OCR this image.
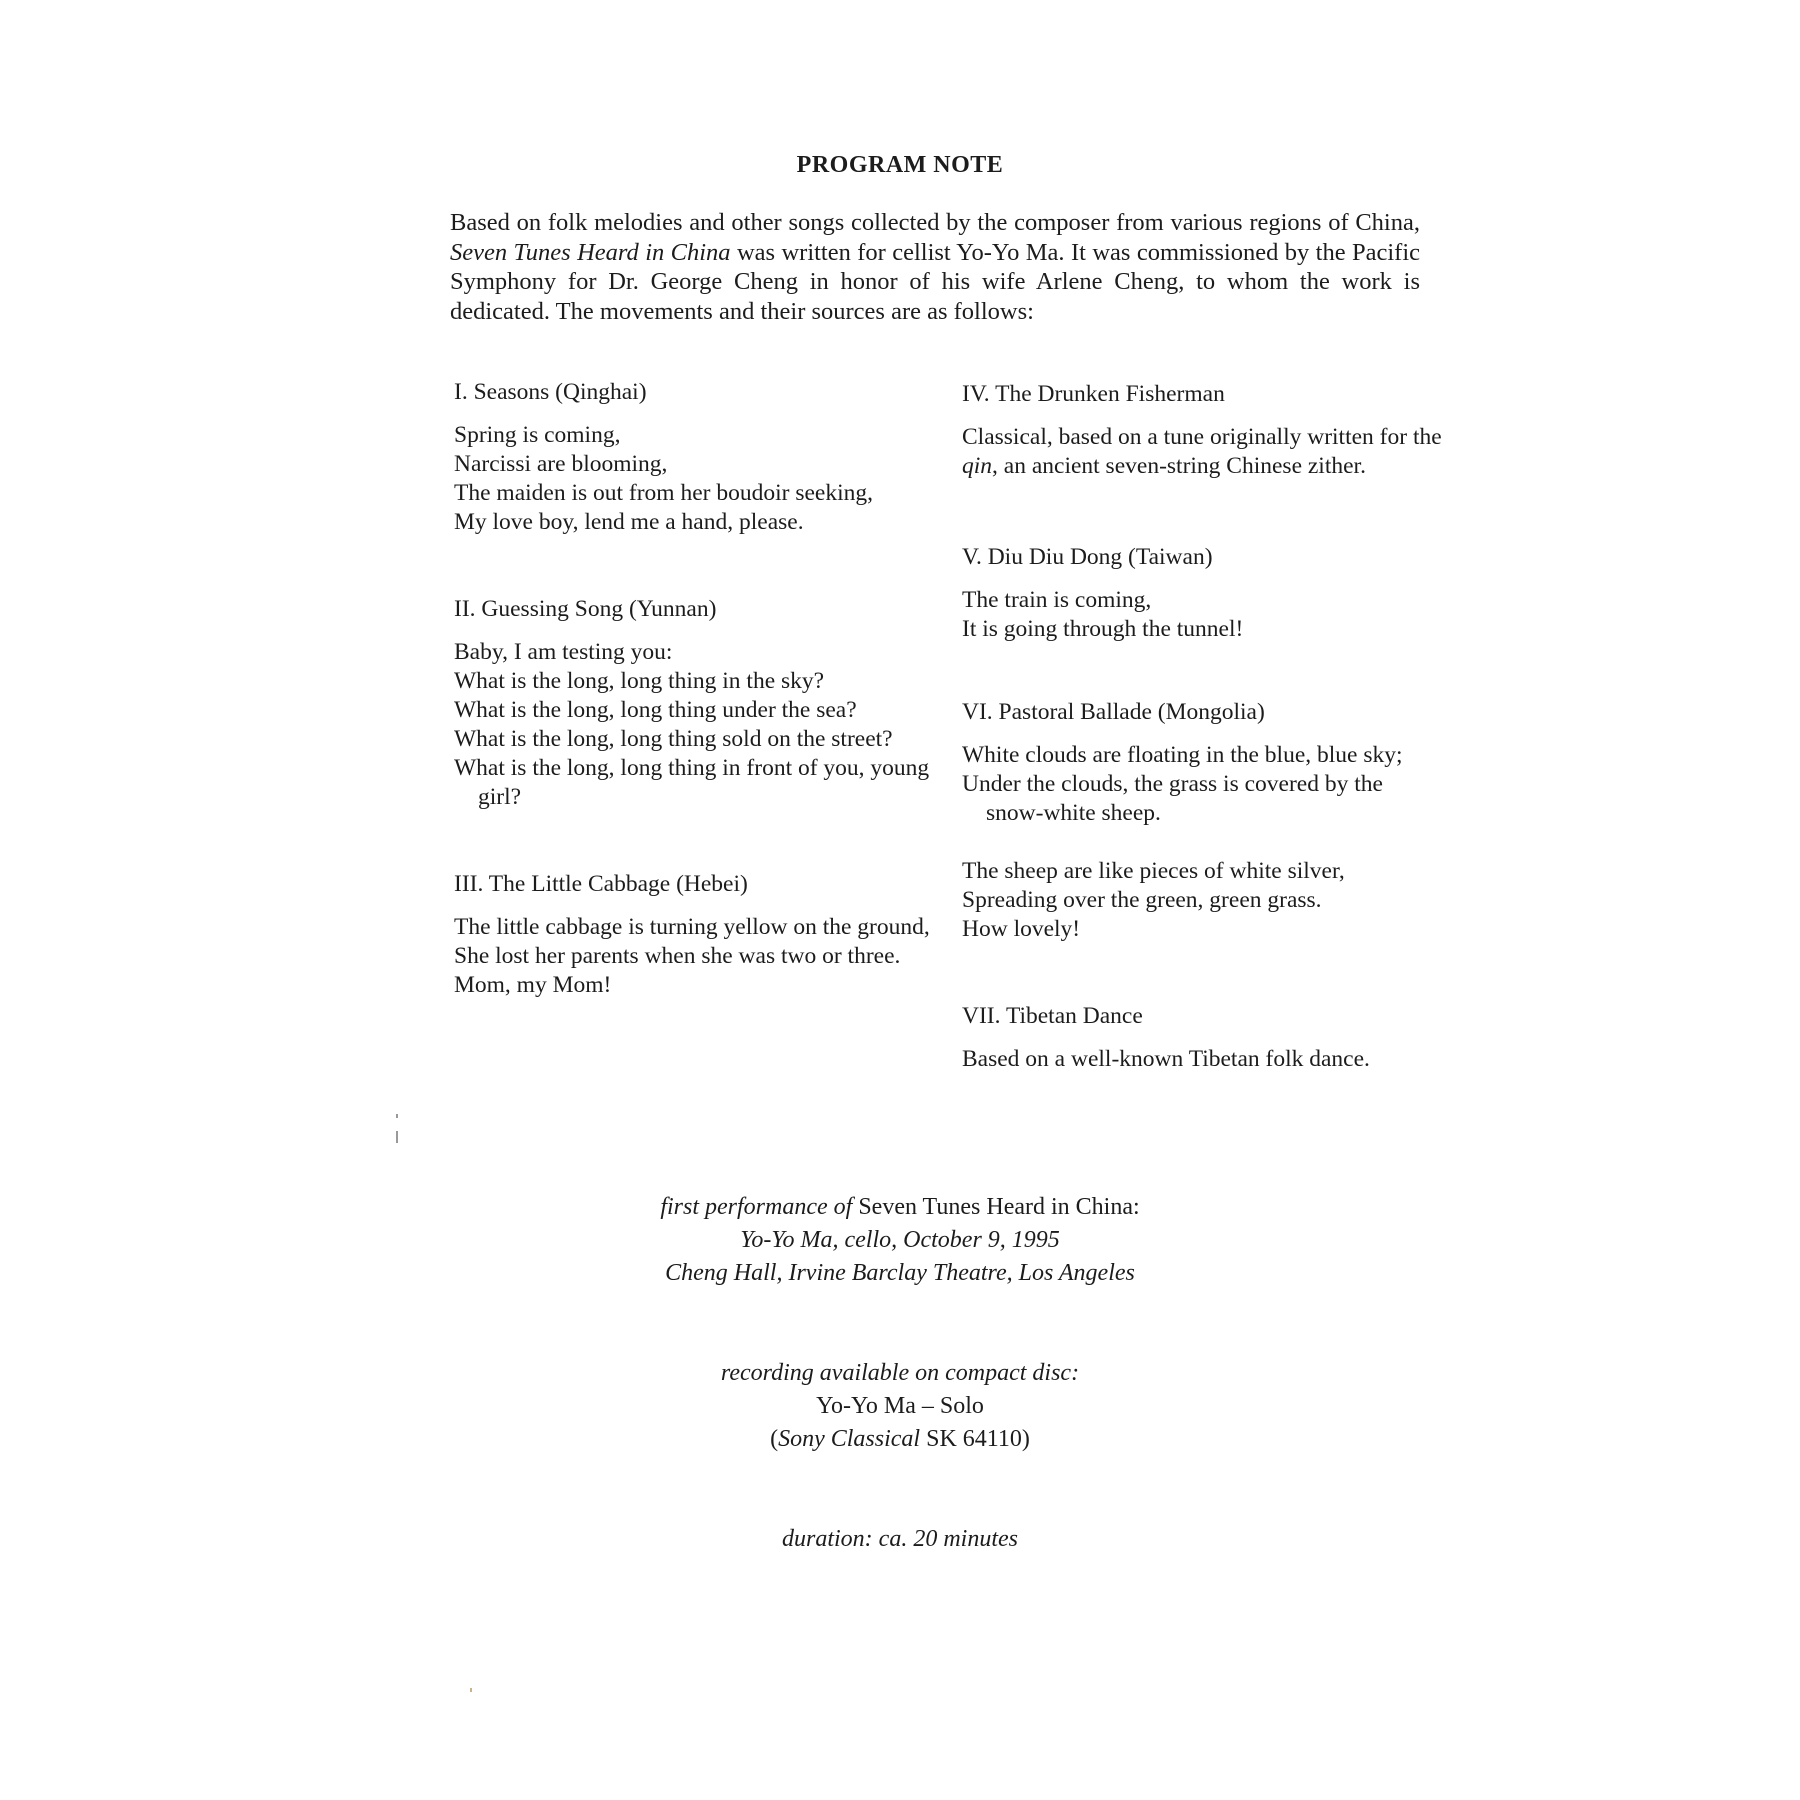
PROGRAM NOTE
Based on folk melodies and other songs collected by the composer from various regions of China, Seven Tunes Heard in China was written for cellist Yo-Yo Ma. It was commissioned by the Pacific Symphony for Dr. George Cheng in honor of his wife Arlene Cheng, to whom the work is dedicated. The movements and their sources are as follows:

I. Seasons (Qinghai)

Spring is coming,
Narcissi are blooming,
The maiden is out from her boudoir seeking,
My love boy, lend me a hand, please.

II. Guessing Song (Yunnan)

Baby, I am testing you:
What is the long, long thing in the sky?
What is the long, long thing under the sea?
What is the long, long thing sold on the street?
What is the long, long thing in front of you, young girl?

III. The Little Cabbage (Hebei)

The little cabbage is turning yellow on the ground,
She lost her parents when she was two or three.
Mom, my Mom!

IV. The Drunken Fisherman

Classical, based on a tune originally written for the qin, an ancient seven-string Chinese zither.

V. Diu Diu Dong (Taiwan)

The train is coming,
It is going through the tunnel!

VI. Pastoral Ballade (Mongolia)

White clouds are floating in the blue, blue sky;
Under the clouds, the grass is covered by the snow-white sheep.
The sheep are like pieces of white silver,
Spreading over the green, green grass.
How lovely!

VII. Tibetan Dance

Based on a well-known Tibetan folk dance.
first performance of Seven Tunes Heard in China:
Yo-Yo Ma, cello, October 9, 1995
Cheng Hall, Irvine Barclay Theatre, Los Angeles
recording available on compact disc:
Yo-Yo Ma – Solo
(Sony Classical SK 64110)
duration: ca. 20 minutes
